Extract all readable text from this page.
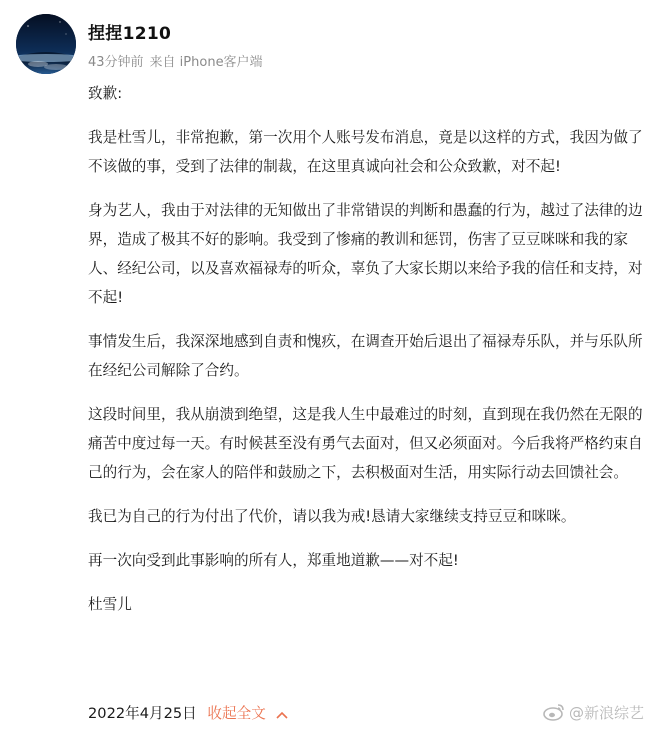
捏捏1210
43分钟前 来自 iPhone客户端

致歉:

我是杜雪儿，非常抱歉，第一次用个人账号发布消息，竟是以这样的方式，我因为做了不该做的事，受到了法律的制裁，在这里真诚向社会和公众致歉，对不起!

身为艺人，我由于对法律的无知做出了非常错误的判断和愚蠢的行为，越过了法律的边界，造成了极其不好的影响。我受到了惨痛的教训和惩罚，伤害了豆豆咪咪和我的家人、经纪公司，以及喜欢福禄寿的听众，辜负了大家长期以来给予我的信任和支持，对不起!

事情发生后，我深深地感到自责和愧疚，在调查开始后退出了福禄寿乐队，并与乐队所在经纪公司解除了合约。

这段时间里，我从崩溃到绝望，这是我人生中最难过的时刻，直到现在我仍然在无限的痛苦中度过每一天。有时候甚至没有勇气去面对，但又必须面对。今后我将严格约束自己的行为，会在家人的陪伴和鼓励之下，去积极面对生活，用实际行动去回馈社会。

我已为自己的行为付出了代价，请以我为戒!恳请大家继续支持豆豆和咪咪。

再一次向受到此事影响的所有人，郑重地道歉——对不起!

杜雪儿

2022年4月25日 收起全文	@新浪综艺
